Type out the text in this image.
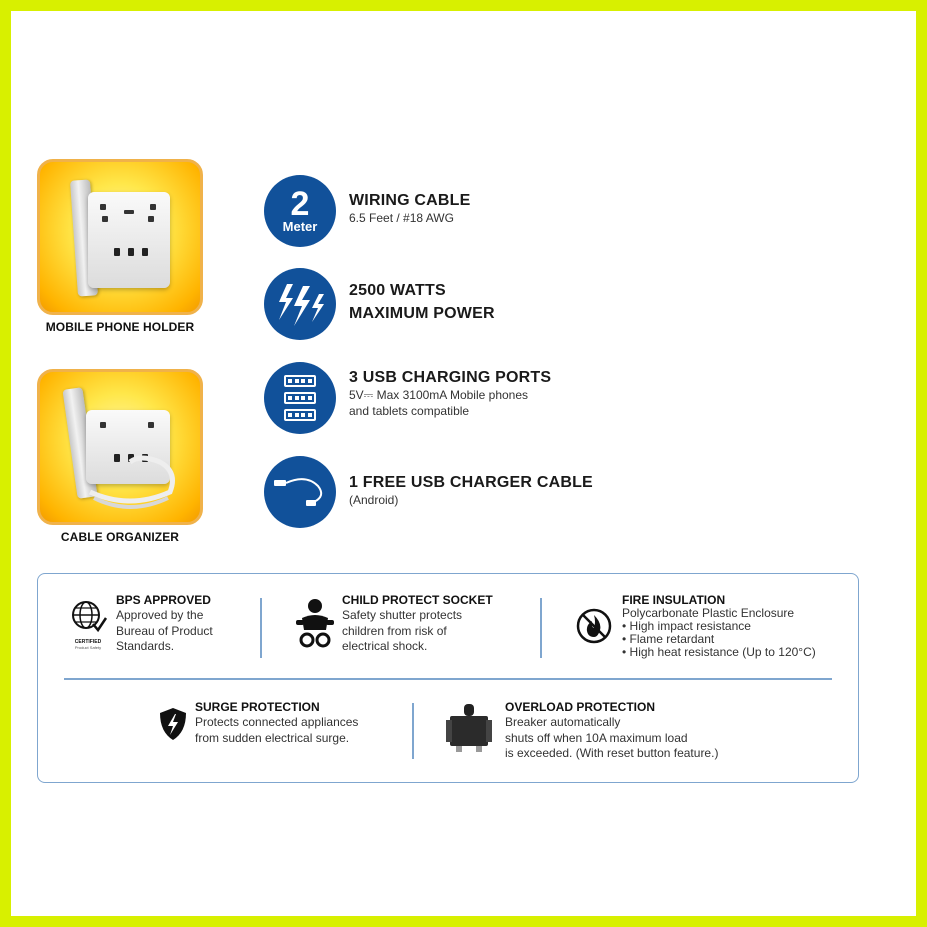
MOBILE PHONE HOLDER
CABLE ORGANIZER
2
Meter
WIRING CABLE
6.5 Feet / #18 AWG
2500 WATTS
MAXIMUM POWER
3 USB CHARGING PORTS
5V⎓ Max 3100mA Mobile phones
and tablets compatible
1 FREE USB CHARGER CABLE
(Android)
CERTIFIED
Product Safety
BPS APPROVED
Approved by the
Bureau of Product
Standards.
CHILD PROTECT SOCKET
Safety shutter protects
children from risk of
electrical shock.
FIRE INSULATION
Polycarbonate Plastic Enclosure
• High impact resistance
• Flame retardant
• High heat resistance (Up to 120°C)
SURGE PROTECTION
Protects connected appliances
from sudden electrical surge.
OVERLOAD PROTECTION
Breaker automatically
shuts off when 10A maximum load
is exceeded. (With reset button feature.)
